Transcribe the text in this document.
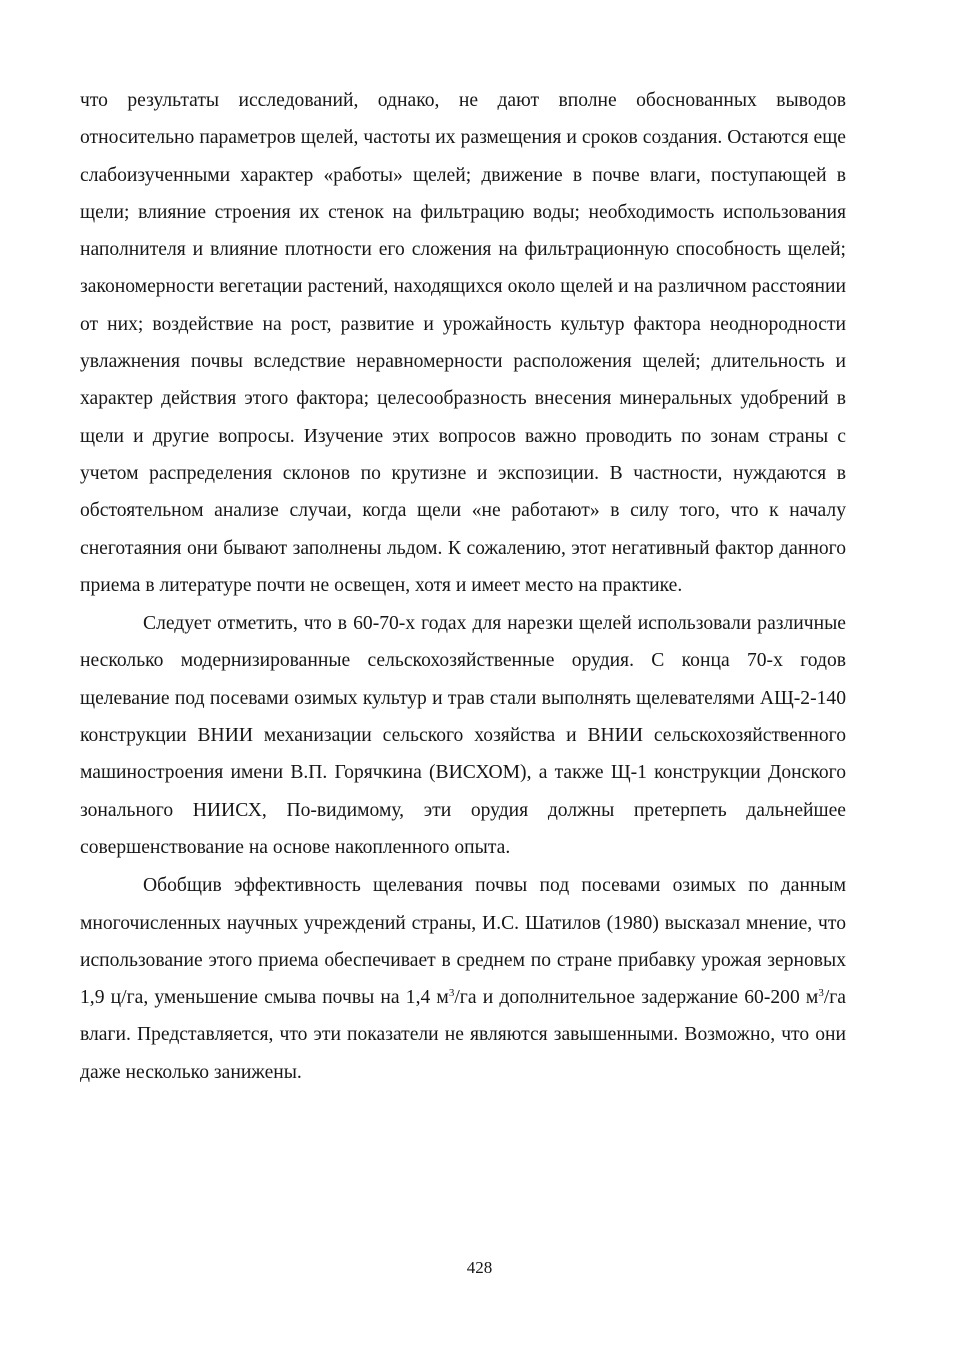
что результаты исследований, однако, не дают вполне обоснованных выводов относительно параметров щелей, частоты их размещения и сроков создания. Остаются еще слабоизученными характер «работы» щелей; движение в почве влаги, поступающей в щели; влияние строения их стенок на фильтрацию воды; необходимость использования наполнителя и влияние плотности его сложения на фильтрационную способность щелей; закономерности вегетации растений, находящихся около щелей и на различном расстоянии от них; воздействие на рост, развитие и урожайность культур фактора неоднородности увлажнения почвы вследствие неравномерности расположения щелей; длительность и характер действия этого фактора; целесообразность внесения минеральных удобрений в щели и другие вопросы. Изучение этих вопросов важно проводить по зонам страны с учетом распределения склонов по крутизне и экспозиции. В частности, нуждаются в обстоятельном анализе случаи, когда щели «не работают» в силу того, что к началу снеготаяния они бывают заполнены льдом. К сожалению, этот негативный фактор данного приема в литературе почти не освещен, хотя и имеет место на практике.

Следует отметить, что в 60-70-х годах для нарезки щелей использовали различные несколько модернизированные сельскохозяйственные орудия. С конца 70-х годов щелевание под посевами озимых культур и трав стали выполнять щелевателями АЩ-2-140 конструкции ВНИИ механизации сельского хозяйства и ВНИИ сельскохозяйственного машиностроения имени В.П. Горячкина (ВИСХОМ), а также Щ-1 конструкции Донского зонального НИИСХ, По-видимому, эти орудия должны претерпеть дальнейшее совершенствование на основе накопленного опыта.

Обобщив эффективность щелевания почвы под посевами озимых по данным многочисленных научных учреждений страны, И.С. Шатилов (1980) высказал мнение, что использование этого приема обеспечивает в среднем по стране прибавку урожая зерновых 1,9 ц/га, уменьшение смыва почвы на 1,4 $м^3/га$ и дополнительное задержание 60-200 $м^3/га$ влаги. Представляется, что эти показатели не являются завышенными. Возможно, что они даже несколько занижены.

428
